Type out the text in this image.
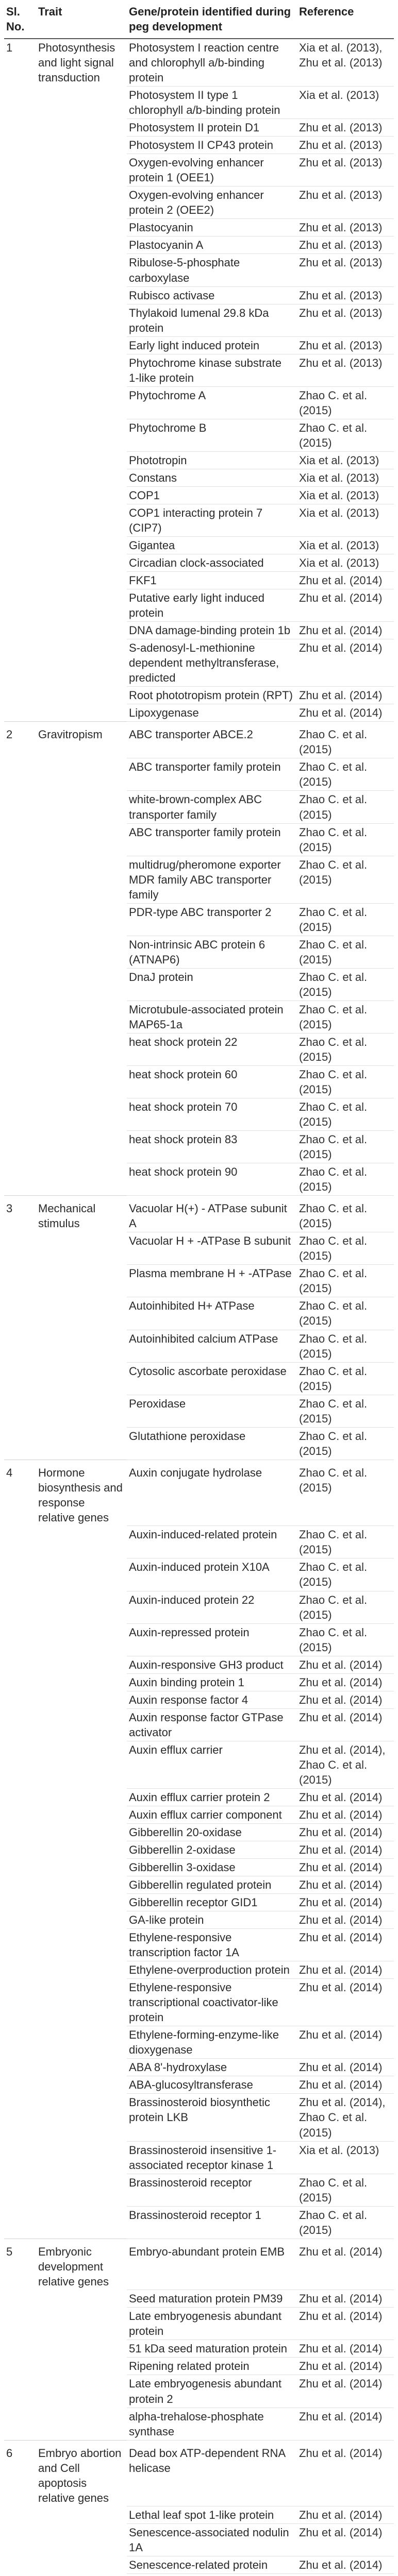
Sl. No.	Trait	Gene/protein identified during peg development	Reference
1	Photosynthesis and light signal transduction	Photosystem I reaction centre and chlorophyll a/b-binding protein	Xia et al. (2013), Zhu et al. (2013)
		Photosystem II type 1 chlorophyll a/b-binding protein	Xia et al. (2013)
		Photosystem II protein D1	Zhu et al. (2013)
		Photosystem II CP43 protein	Zhu et al. (2013)
		Oxygen-evolving enhancer protein 1 (OEE1)	Zhu et al. (2013)
		Oxygen-evolving enhancer protein 2 (OEE2)	Zhu et al. (2013)
		Plastocyanin	Zhu et al. (2013)
		Plastocyanin A	Zhu et al. (2013)
		Ribulose-5-phosphate carboxylase	Zhu et al. (2013)
		Rubisco activase	Zhu et al. (2013)
		Thylakoid lumenal 29.8 kDa protein	Zhu et al. (2013)
		Early light induced protein	Zhu et al. (2013)
		Phytochrome kinase substrate 1-like protein	Zhu et al. (2013)
		Phytochrome A	Zhao C. et al. (2015)
		Phytochrome B	Zhao C. et al. (2015)
		Phototropin	Xia et al. (2013)
		Constans	Xia et al. (2013)
		COP1	Xia et al. (2013)
		COP1 interacting protein 7 (CIP7)	Xia et al. (2013)
		Gigantea	Xia et al. (2013)
		Circadian clock-associated	Xia et al. (2013)
		FKF1	Zhu et al. (2014)
		Putative early light induced protein	Zhu et al. (2014)
		DNA damage-binding protein 1b	Zhu et al. (2014)
		S-adenosyl-L-methionine dependent methyltransferase, predicted	Zhu et al. (2014)
		Root phototropism protein (RPT)	Zhu et al. (2014)
		Lipoxygenase	Zhu et al. (2014)
2	Gravitropism	ABC transporter ABCE.2	Zhao C. et al. (2015)
		ABC transporter family protein	Zhao C. et al. (2015)
		white-brown-complex ABC transporter family	Zhao C. et al. (2015)
		ABC transporter family protein	Zhao C. et al. (2015)
		multidrug/pheromone exporter MDR family ABC transporter family	Zhao C. et al. (2015)
		PDR-type ABC transporter 2	Zhao C. et al. (2015)
		Non-intrinsic ABC protein 6 (ATNAP6)	Zhao C. et al. (2015)
		DnaJ protein	Zhao C. et al. (2015)
		Microtubule-associated protein MAP65-1a	Zhao C. et al. (2015)
		heat shock protein 22	Zhao C. et al. (2015)
		heat shock protein 60	Zhao C. et al. (2015)
		heat shock protein 70	Zhao C. et al. (2015)
		heat shock protein 83	Zhao C. et al. (2015)
		heat shock protein 90	Zhao C. et al. (2015)
3	Mechanical stimulus	Vacuolar H(+) - ATPase subunit A	Zhao C. et al. (2015)
		Vacuolar H + -ATPase B subunit	Zhao C. et al. (2015)
		Plasma membrane H + -ATPase	Zhao C. et al. (2015)
		Autoinhibited H+ ATPase	Zhao C. et al. (2015)
		Autoinhibited calcium ATPase	Zhao C. et al. (2015)
		Cytosolic ascorbate peroxidase	Zhao C. et al. (2015)
		Peroxidase	Zhao C. et al. (2015)
		Glutathione peroxidase	Zhao C. et al. (2015)
4	Hormone biosynthesis and response relative genes	Auxin conjugate hydrolase	Zhao C. et al. (2015)
		Auxin-induced-related protein	Zhao C. et al. (2015)
		Auxin-induced protein X10A	Zhao C. et al. (2015)
		Auxin-induced protein 22	Zhao C. et al. (2015)
		Auxin-repressed protein	Zhao C. et al. (2015)
		Auxin-responsive GH3 product	Zhu et al. (2014)
		Auxin binding protein 1	Zhu et al. (2014)
		Auxin response factor 4	Zhu et al. (2014)
		Auxin response factor GTPase activator	Zhu et al. (2014)
		Auxin efflux carrier	Zhu et al. (2014), Zhao C. et al. (2015)
		Auxin efflux carrier protein 2	Zhu et al. (2014)
		Auxin efflux carrier component	Zhu et al. (2014)
		Gibberellin 20-oxidase	Zhu et al. (2014)
		Gibberellin 2-oxidase	Zhu et al. (2014)
		Gibberellin 3-oxidase	Zhu et al. (2014)
		Gibberellin regulated protein	Zhu et al. (2014)
		Gibberellin receptor GID1	Zhu et al. (2014)
		GA-like protein	Zhu et al. (2014)
		Ethylene-responsive transcription factor 1A	Zhu et al. (2014)
		Ethylene-overproduction protein	Zhu et al. (2014)
		Ethylene-responsive transcriptional coactivator-like protein	Zhu et al. (2014)
		Ethylene-forming-enzyme-like dioxygenase	Zhu et al. (2014)
		ABA 8'-hydroxylase	Zhu et al. (2014)
		ABA-glucosyltransferase	Zhu et al. (2014)
		Brassinosteroid biosynthetic protein LKB	Zhu et al. (2014), Zhao C. et al. (2015)
		Brassinosteroid insensitive 1-associated receptor kinase 1	Xia et al. (2013)
		Brassinosteroid receptor	Zhao C. et al. (2015)
		Brassinosteroid receptor 1	Zhao C. et al. (2015)
5	Embryonic development relative genes	Embryo-abundant protein EMB	Zhu et al. (2014)
		Seed maturation protein PM39	Zhu et al. (2014)
		Late embryogenesis abundant protein	Zhu et al. (2014)
		51 kDa seed maturation protein	Zhu et al. (2014)
		Ripening related protein	Zhu et al. (2014)
		Late embryogenesis abundant protein 2	Zhu et al. (2014)
		alpha-trehalose-phosphate synthase	Zhu et al. (2014)
6	Embryo abortion and Cell apoptosis relative genes	Dead box ATP-dependent RNA helicase	Zhu et al. (2014)
		Lethal leaf spot 1-like protein	Zhu et al. (2014)
		Senescence-associated nodulin 1A	Zhu et al. (2014)
		Senescence-related protein	Zhu et al. (2014)
